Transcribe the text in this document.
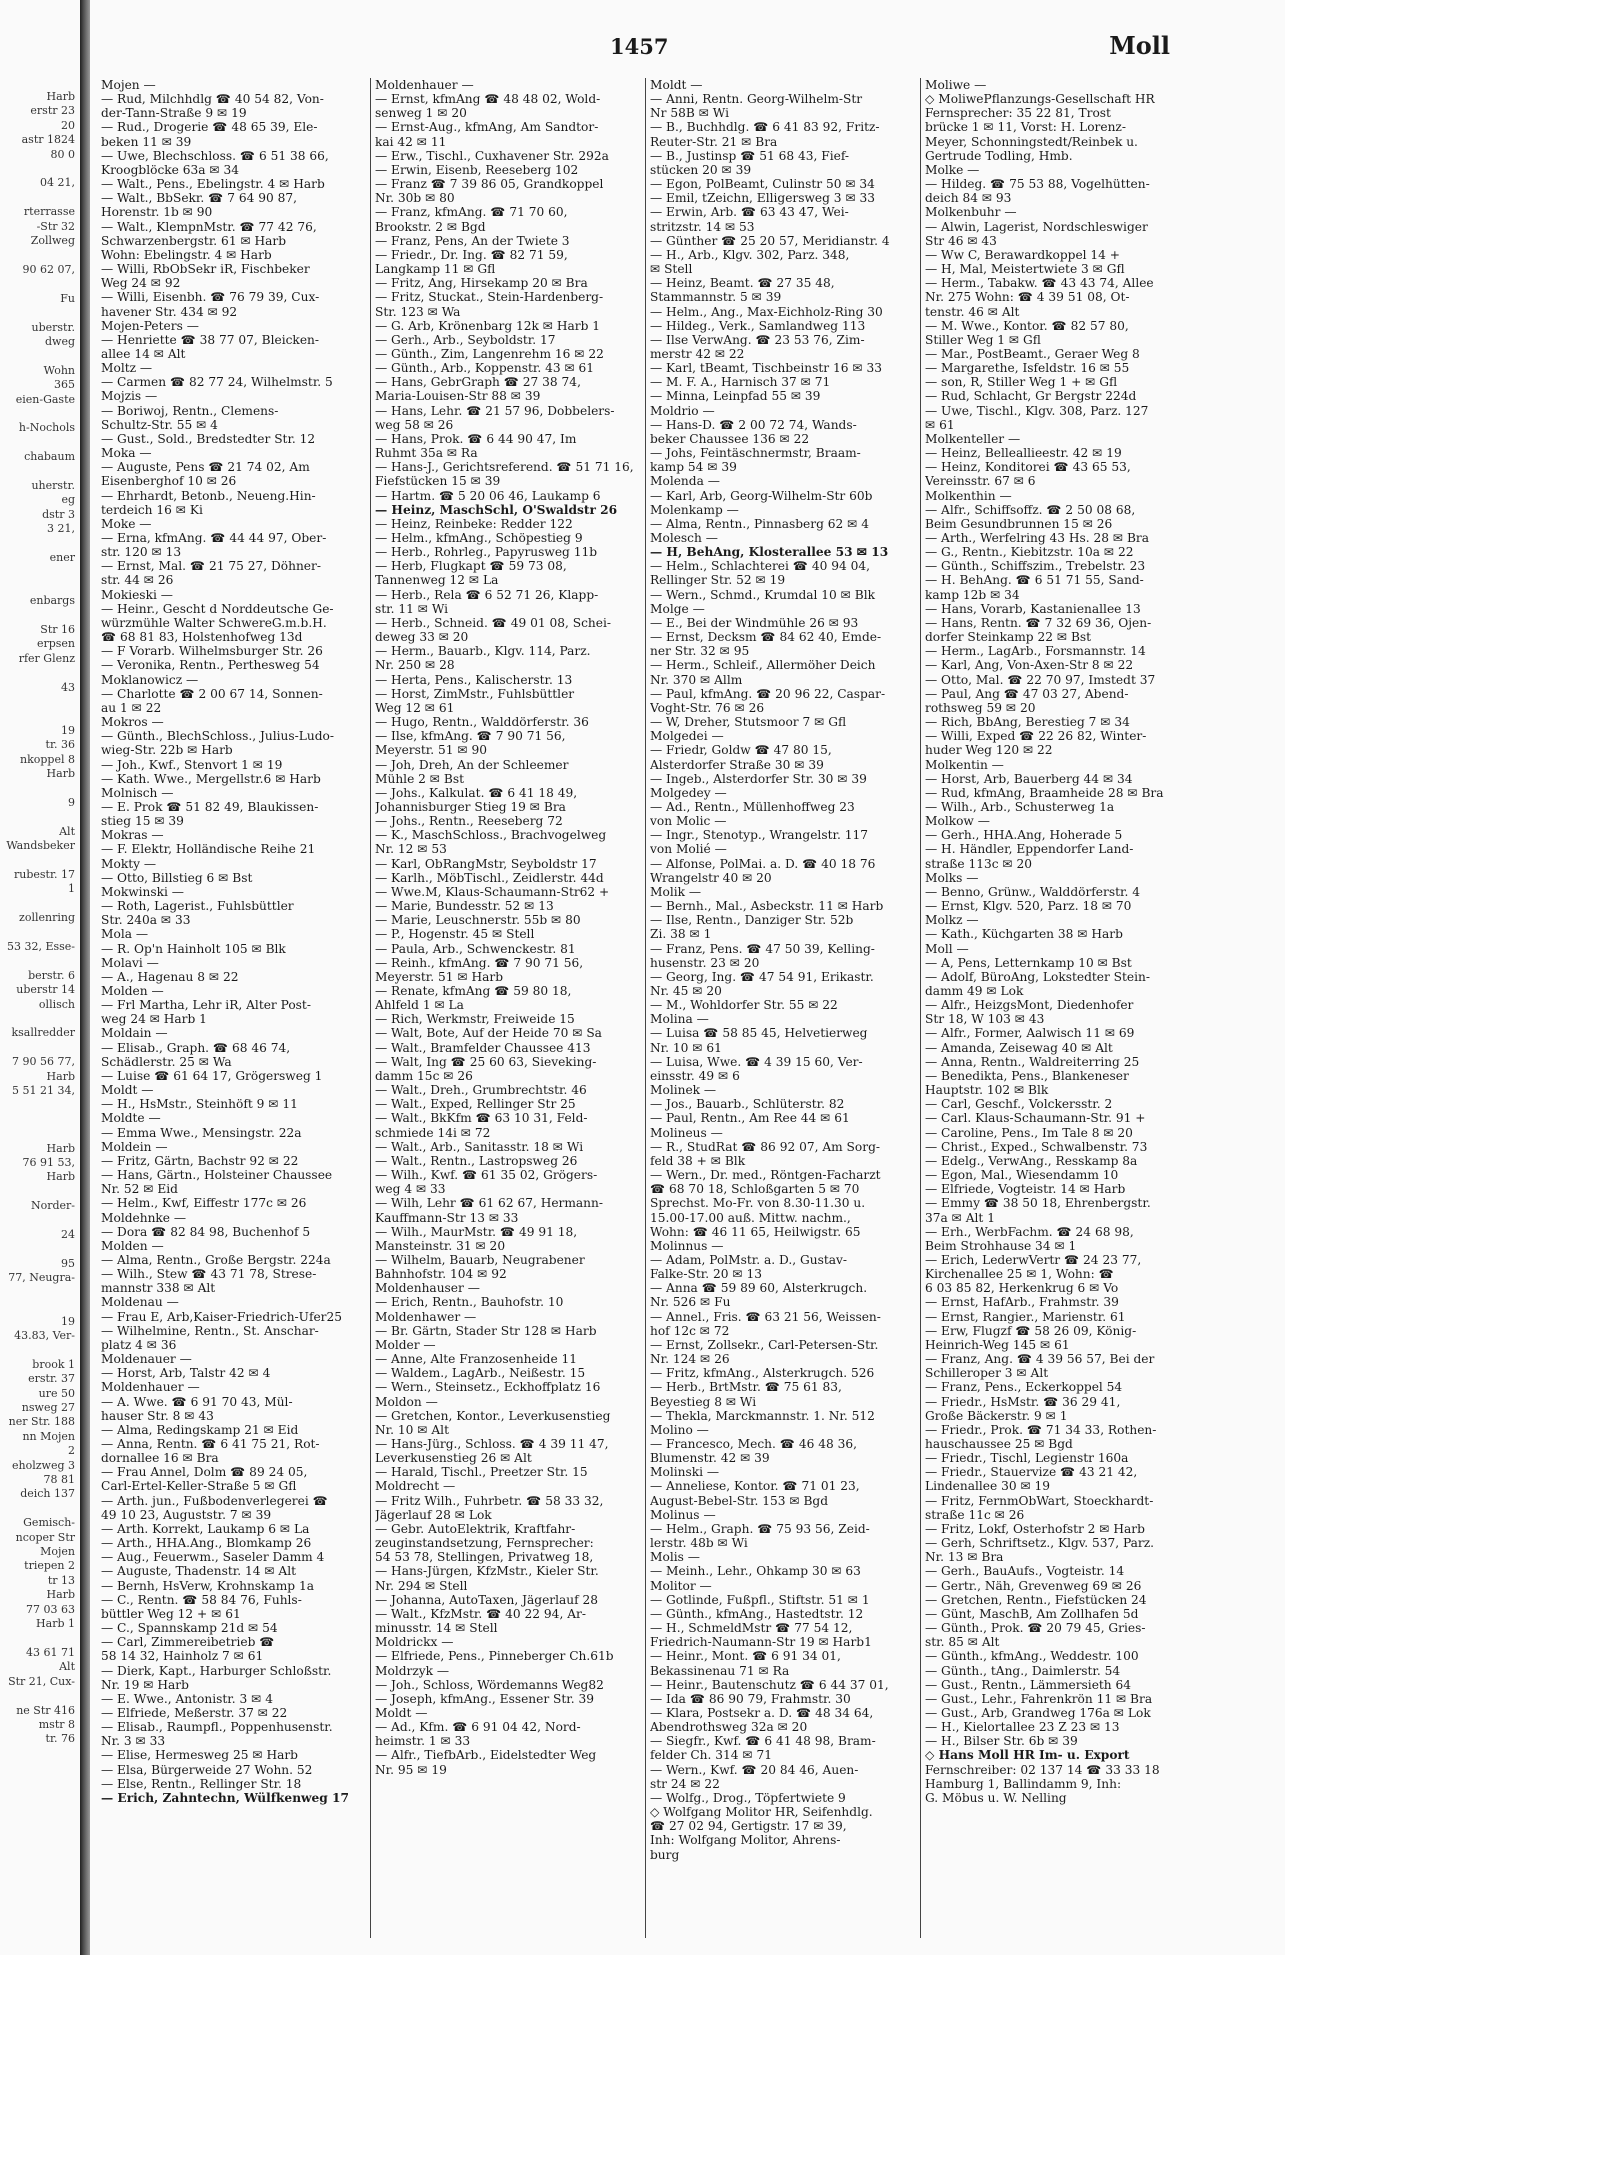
Harb
erstr 23
20
astr 1824
80 0

04 21,

rterrasse
-Str 32
Zollweg

90 62 07,

Fu

uberstr.
dweg

Wohn
365
eien-Gaste

h-Nochols

chabaum

uherstr.
eg
dstr 3
3 21,

ener

enbargs

Str 16
erpsen
rfer Glenz

43

19
tr. 36
nkoppel 8
Harb

9

Alt
Wandsbeker

rubestr. 17
1

zollenring

53 32, Esse-

berstr. 6
uberstr 14
ollisch

ksallredder

7 90 56 77,
Harb
5 51 21 34,

Harb
76 91 53,
Harb

Norder-

24

95
77, Neugra-

19
43.83, Ver-

brook 1
erstr. 37
ure 50
nsweg 27
ner Str. 188
nn Mojen
2
eholzweg 3
78 81
deich 137

Gemisch-
ncoper Str
Mojen
triepen 2
tr 13
Harb
77 03 63
Harb 1

43 61 71
Alt
Str 21, Cux-

ne Str 416
mstr 8
tr. 76
1457	Moll
Mojen —
— Rud, Milchhdlg ☎ 40 54 82, Von-
der-Tann-Straße 9 ✉ 19
— Rud., Drogerie ☎ 48 65 39, Ele-
beken 11 ✉ 39
— Uwe, Blechschloss. ☎ 6 51 38 66,
Kroogblöcke 63a ✉ 34
— Walt., Pens., Ebelingstr. 4 ✉ Harb
— Walt., BbSekr. ☎ 7 64 90 87,
Horenstr. 1b ✉ 90
— Walt., KlempnMstr. ☎ 77 42 76,
Schwarzenbergstr. 61 ✉ Harb
Wohn: Ebelingstr. 4 ✉ Harb
— Willi, RbObSekr iR, Fischbeker
Weg 24 ✉ 92
— Willi, Eisenbh. ☎ 76 79 39, Cux-
havener Str. 434 ✉ 92
Mojen-Peters —
— Henriette ☎ 38 77 07, Bleicken-
allee 14 ✉ Alt
Moltz —
— Carmen ☎ 82 77 24, Wilhelmstr. 5
Mojzis —
— Boriwoj, Rentn., Clemens-
Schultz-Str. 55 ✉ 4
— Gust., Sold., Bredstedter Str. 12
Moka —
— Auguste, Pens ☎ 21 74 02, Am
Eisenberghof 10 ✉ 26
— Ehrhardt, Betonb., Neueng.Hin-
terdeich 16 ✉ Ki
Moke —
— Erna, kfmAng. ☎ 44 44 97, Ober-
str. 120 ✉ 13
— Ernst, Mal. ☎ 21 75 27, Döhner-
str. 44 ✉ 26
Mokieski —
— Heinr., Gescht d Norddeutsche Ge-
würzmühle Walter SchwereG.m.b.H.
☎ 68 81 83, Holstenhofweg 13d
— F Vorarb. Wilhelmsburger Str. 26
— Veronika, Rentn., Perthesweg 54
Moklanowicz —
— Charlotte ☎ 2 00 67 14, Sonnen-
au 1 ✉ 22
Mokros —
— Günth., BlechSchloss., Julius-Ludo-
wieg-Str. 22b ✉ Harb
— Joh., Kwf., Stenvort 1 ✉ 19
— Kath. Wwe., Mergellstr.6 ✉ Harb
Molnisch —
— E. Prok ☎ 51 82 49, Blaukissen-
stieg 15 ✉ 39
Mokras —
— F. Elektr, Holländische Reihe 21
Mokty —
— Otto, Billstieg 6 ✉ Bst
Mokwinski —
— Roth, Lagerist., Fuhlsbüttler
Str. 240a ✉ 33
Mola —
— R. Op'n Hainholt 105 ✉ Blk
Molavi —
— A., Hagenau 8 ✉ 22
Molden —
— Frl Martha, Lehr iR, Alter Post-
weg 24 ✉ Harb 1
Moldain —
— Elisab., Graph. ☎ 68 46 74,
Schädlerstr. 25 ✉ Wa
— Luise ☎ 61 64 17, Grögersweg 1
Moldt —
— H., HsMstr., Steinhöft 9 ✉ 11
Moldte —
— Emma Wwe., Mensingstr. 22a
Moldein —
— Fritz, Gärtn, Bachstr 92 ✉ 22
— Hans, Gärtn., Holsteiner Chaussee
Nr. 52 ✉ Eid
— Helm., Kwf, Eiffestr 177c ✉ 26
Moldehnke —
— Dora ☎ 82 84 98, Buchenhof 5
Molden —
— Alma, Rentn., Große Bergstr. 224a
— Wilh., Stew ☎ 43 71 78, Strese-
mannstr 338 ✉ Alt
Moldenau —
— Frau E, Arb,Kaiser-Friedrich-Ufer25
— Wilhelmine, Rentn., St. Anschar-
platz 4 ✉ 36
Moldenauer —
— Horst, Arb, Talstr 42 ✉ 4
Moldenhauer —
— A. Wwe. ☎ 6 91 70 43, Mül-
hauser Str. 8 ✉ 43
— Alma, Redingskamp 21 ✉ Eid
— Anna, Rentn. ☎ 6 41 75 21, Rot-
dornallee 16 ✉ Bra
— Frau Annel, Dolm ☎ 89 24 05,
Carl-Ertel-Keller-Straße 5 ✉ Gfl
— Arth. jun., Fußbodenverlegerei ☎
49 10 23, Auguststr. 7 ✉ 39
— Arth. Korrekt, Laukamp 6 ✉ La
— Arth., HHA.Ang., Blomkamp 26
— Aug., Feuerwm., Saseler Damm 4
— Auguste, Thadenstr. 14 ✉ Alt
— Bernh, HsVerw, Krohnskamp 1a
— C., Rentn. ☎ 58 84 76, Fuhls-
büttler Weg 12 + ✉ 61
— C., Spannskamp 21d ✉ 54
— Carl, Zimmereibetrieb ☎
58 14 32, Hainholz 7 ✉ 61
— Dierk, Kapt., Harburger Schloßstr.
Nr. 19 ✉ Harb
— E. Wwe., Antonistr. 3 ✉ 4
— Elfriede, Meßerstr. 37 ✉ 22
— Elisab., Raumpfl., Poppenhusenstr.
Nr. 3 ✉ 33
— Elise, Hermesweg 25 ✉ Harb
— Elsa, Bürgerweide 27 Wohn. 52
— Else, Rentn., Rellinger Str. 18
— Erich, Zahntechn, Wülfkenweg 17
Moldenhauer —
— Ernst, kfmAng ☎ 48 48 02, Wold-
senweg 1 ✉ 20
— Ernst-Aug., kfmAng, Am Sandtor-
kai 42 ✉ 11
— Erw., Tischl., Cuxhavener Str. 292a
— Erwin, Eisenb, Reeseberg 102
— Franz ☎ 7 39 86 05, Grandkoppel
Nr. 30b ✉ 80
— Franz, kfmAng. ☎ 71 70 60,
Brookstr. 2 ✉ Bgd
— Franz, Pens, An der Twiete 3
— Friedr., Dr. Ing. ☎ 82 71 59,
Langkamp 11 ✉ Gfl
— Fritz, Ang, Hirsekamp 20 ✉ Bra
— Fritz, Stuckat., Stein-Hardenberg-
Str. 123 ✉ Wa
— G. Arb, Krönenbarg 12k ✉ Harb 1
— Gerh., Arb., Seyboldstr. 17
— Günth., Zim, Langenrehm 16 ✉ 22
— Günth., Arb., Koppenstr. 43 ✉ 61
— Hans, GebrGraph ☎ 27 38 74,
Maria-Louisen-Str 88 ✉ 39
— Hans, Lehr. ☎ 21 57 96, Dobbelers-
weg 58 ✉ 26
— Hans, Prok. ☎ 6 44 90 47, Im
Ruhmt 35a ✉ Ra
— Hans-J., Gerichtsreferend. ☎ 51 71 16,
Fiefstücken 15 ✉ 39
— Hartm. ☎ 5 20 06 46, Laukamp 6
— Heinz, MaschSchl, O'Swaldstr 26
— Heinz, Reinbeke: Redder 122
— Helm., kfmAng., Schöpestieg 9
— Herb., Rohrleg., Papyrusweg 11b
— Herb, Flugkapt ☎ 59 73 08,
Tannenweg 12 ✉ La
— Herb., Rela ☎ 6 52 71 26, Klapp-
str. 11 ✉ Wi
— Herb., Schneid. ☎ 49 01 08, Schei-
deweg 33 ✉ 20
— Herm., Bauarb., Klgv. 114, Parz.
Nr. 250 ✉ 28
— Herta, Pens., Kalischerstr. 13
— Horst, ZimMstr., Fuhlsbüttler
Weg 12 ✉ 61
— Hugo, Rentn., Walddörferstr. 36
— Ilse, kfmAng. ☎ 7 90 71 56,
Meyerstr. 51 ✉ 90
— Joh, Dreh, An der Schleemer
Mühle 2 ✉ Bst
— Johs., Kalkulat. ☎ 6 41 18 49,
Johannisburger Stieg 19 ✉ Bra
— Johs., Rentn., Reeseberg 72
— K., MaschSchloss., Brachvogelweg
Nr. 12 ✉ 53
— Karl, ObRangMstr, Seyboldstr 17
— Karlh., MöbTischl., Zeidlerstr. 44d
— Wwe.M, Klaus-Schaumann-Str62 +
— Marie, Bundesstr. 52 ✉ 13
— Marie, Leuschnerstr. 55b ✉ 80
— P., Hogenstr. 45 ✉ Stell
— Paula, Arb., Schwenckestr. 81
— Reinh., kfmAng. ☎ 7 90 71 56,
Meyerstr. 51 ✉ Harb
— Renate, kfmAng ☎ 59 80 18,
Ahlfeld 1 ✉ La
— Rich, Werkmstr, Freiweide 15
— Walt, Bote, Auf der Heide 70 ✉ Sa
— Walt., Bramfelder Chaussee 413
— Walt, Ing ☎ 25 60 63, Sieveking-
damm 15c ✉ 26
— Walt., Dreh., Grumbrechtstr. 46
— Walt., Exped, Rellinger Str 25
— Walt., BkKfm ☎ 63 10 31, Feld-
schmiede 14i ✉ 72
— Walt., Arb., Sanitasstr. 18 ✉ Wi
— Walt., Rentn., Lastropsweg 26
— Wilh., Kwf. ☎ 61 35 02, Grögers-
weg 4 ✉ 33
— Wilh, Lehr ☎ 61 62 67, Hermann-
Kauffmann-Str 13 ✉ 33
— Wilh., MaurMstr. ☎ 49 91 18,
Mansteinstr. 31 ✉ 20
— Wilhelm, Bauarb, Neugrabener
Bahnhofstr. 104 ✉ 92
Moldenhauser —
— Erich, Rentn., Bauhofstr. 10
Moldenhawer —
— Br. Gärtn, Stader Str 128 ✉ Harb
Molder —
— Anne, Alte Franzosenheide 11
— Waldem., LagArb., Neißestr. 15
— Wern., Steinsetz., Eckhoffplatz 16
Moldon —
— Gretchen, Kontor., Leverkusenstieg
Nr. 10 ✉ Alt
— Hans-Jürg., Schloss. ☎ 4 39 11 47,
Leverkusenstieg 26 ✉ Alt
— Harald, Tischl., Preetzer Str. 15
Moldrecht —
— Fritz Wilh., Fuhrbetr. ☎ 58 33 32,
Jägerlauf 28 ✉ Lok
— Gebr. AutoElektrik, Kraftfahr-
zeuginstandsetzung, Fernsprecher:
54 53 78, Stellingen, Privatweg 18,
— Hans-Jürgen, KfzMstr., Kieler Str.
Nr. 294 ✉ Stell
— Johanna, AutoTaxen, Jägerlauf 28
— Walt., KfzMstr. ☎ 40 22 94, Ar-
minusstr. 14 ✉ Stell
Moldrickx —
— Elfriede, Pens., Pinneberger Ch.61b
Moldrzyk —
— Joh., Schloss, Wördemanns Weg82
— Joseph, kfmAng., Essener Str. 39
Moldt —
— Ad., Kfm. ☎ 6 91 04 42, Nord-
heimstr. 1 ✉ 33
— Alfr., TiefbArb., Eidelstedter Weg
Nr. 95 ✉ 19
Moldt —
— Anni, Rentn. Georg-Wilhelm-Str
Nr 58B ✉ Wi
— B., Buchhdlg. ☎ 6 41 83 92, Fritz-
Reuter-Str. 21 ✉ Bra
— B., Justinsp ☎ 51 68 43, Fief-
stücken 20 ✉ 39
— Egon, PolBeamt, Culinstr 50 ✉ 34
— Emil, tZeichn, Elligersweg 3 ✉ 33
— Erwin, Arb. ☎ 63 43 47, Wei-
stritzstr. 14 ✉ 53
— Günther ☎ 25 20 57, Meridianstr. 4
— H., Arb., Klgv. 302, Parz. 348,
✉ Stell
— Heinz, Beamt. ☎ 27 35 48,
Stammannstr. 5 ✉ 39
— Helm., Ang., Max-Eichholz-Ring 30
— Hildeg., Verk., Samlandweg 113
— Ilse VerwAng. ☎ 23 53 76, Zim-
merstr 42 ✉ 22
— Karl, tBeamt, Tischbeinstr 16 ✉ 33
— M. F. A., Harnisch 37 ✉ 71
— Minna, Leinpfad 55 ✉ 39
Moldrio —
— Hans-D. ☎ 2 00 72 74, Wands-
beker Chaussee 136 ✉ 22
— Johs, Feintäschnermstr, Braam-
kamp 54 ✉ 39
Molenda —
— Karl, Arb, Georg-Wilhelm-Str 60b
Molenkamp —
— Alma, Rentn., Pinnasberg 62 ✉ 4
Molesch —
— H, BehAng, Klosterallee 53 ✉ 13
— Helm., Schlachterei ☎ 40 94 04,
Rellinger Str. 52 ✉ 19
— Wern., Schmd., Krumdal 10 ✉ Blk
Molge —
— E., Bei der Windmühle 26 ✉ 93
— Ernst, Decksm ☎ 84 62 40, Emde-
ner Str. 32 ✉ 95
— Herm., Schleif., Allermöher Deich
Nr. 370 ✉ Allm
— Paul, kfmAng. ☎ 20 96 22, Caspar-
Voght-Str. 76 ✉ 26
— W, Dreher, Stutsmoor 7 ✉ Gfl
Molgedei —
— Friedr, Goldw ☎ 47 80 15,
Alsterdorfer Straße 30 ✉ 39
— Ingeb., Alsterdorfer Str. 30 ✉ 39
Molgedey —
— Ad., Rentn., Müllenhoffweg 23
von Molic —
— Ingr., Stenotyp., Wrangelstr. 117
von Molié —
— Alfonse, PolMai. a. D. ☎ 40 18 76
Wrangelstr 40 ✉ 20
Molik —
— Bernh., Mal., Asbeckstr. 11 ✉ Harb
— Ilse, Rentn., Danziger Str. 52b
Zi. 38 ✉ 1
— Franz, Pens. ☎ 47 50 39, Kelling-
husenstr. 23 ✉ 20
— Georg, Ing. ☎ 47 54 91, Erikastr.
Nr. 45 ✉ 20
— M., Wohldorfer Str. 55 ✉ 22
Molina —
— Luisa ☎ 58 85 45, Helvetierweg
Nr. 10 ✉ 61
— Luisa, Wwe. ☎ 4 39 15 60, Ver-
einsstr. 49 ✉ 6
Molinek —
— Jos., Bauarb., Schlüterstr. 82
— Paul, Rentn., Am Ree 44 ✉ 61
Molineus —
— R., StudRat ☎ 86 92 07, Am Sorg-
feld 38 + ✉ Blk
— Wern., Dr. med., Röntgen-Facharzt
☎ 68 70 18, Schloßgarten 5 ✉ 70
Sprechst. Mo-Fr. von 8.30-11.30 u.
15.00-17.00 auß. Mittw. nachm.,
Wohn: ☎ 46 11 65, Heilwigstr. 65
Molinnus —
— Adam, PolMstr. a. D., Gustav-
Falke-Str. 20 ✉ 13
— Anna ☎ 59 89 60, Alsterkrugch.
Nr. 526 ✉ Fu
— Annel., Fris. ☎ 63 21 56, Weissen-
hof 12c ✉ 72
— Ernst, Zollsekr., Carl-Petersen-Str.
Nr. 124 ✉ 26
— Fritz, kfmAng., Alsterkrugch. 526
— Herb., BrtMstr. ☎ 75 61 83,
Beyestieg 8 ✉ Wi
— Thekla, Marckmannstr. 1. Nr. 512
Molino —
— Francesco, Mech. ☎ 46 48 36,
Blumenstr. 42 ✉ 39
Molinski —
— Anneliese, Kontor. ☎ 71 01 23,
August-Bebel-Str. 153 ✉ Bgd
Molinus —
— Helm., Graph. ☎ 75 93 56, Zeid-
lerstr. 48b ✉ Wi
Molis —
— Meinh., Lehr., Ohkamp 30 ✉ 63
Molitor —
— Gotlinde, Fußpfl., Stiftstr. 51 ✉ 1
— Günth., kfmAng., Hastedtstr. 12
— H., SchmeldMstr ☎ 77 54 12,
Friedrich-Naumann-Str 19 ✉ Harb1
— Heinr., Mont. ☎ 6 91 34 01,
Bekassinenau 71 ✉ Ra
— Heinr., Bautenschutz ☎ 6 44 37 01,
— Ida ☎ 86 90 79, Frahmstr. 30
— Klara, Postsekr a. D. ☎ 48 34 64,
Abendrothsweg 32a ✉ 20
— Siegfr., Kwf. ☎ 6 41 48 98, Bram-
felder Ch. 314 ✉ 71
— Wern., Kwf. ☎ 20 84 46, Auen-
str 24 ✉ 22
— Wolfg., Drog., Töpfertwiete 9
◇ Wolfgang Molitor HR, Seifenhdlg.
☎ 27 02 94, Gertigstr. 17 ✉ 39,
Inh: Wolfgang Molitor, Ahrens-
burg
Moliwe —
◇ MoliwePflanzungs-Gesellschaft HR
Fernsprecher: 35 22 81, Trost
brücke 1 ✉ 11, Vorst: H. Lorenz-
Meyer, Schonningstedt/Reinbek u.
Gertrude Todling, Hmb.
Molke —
— Hildeg. ☎ 75 53 88, Vogelhütten-
deich 84 ✉ 93
Molkenbuhr —
— Alwin, Lagerist, Nordschleswiger
Str 46 ✉ 43
— Ww C, Berawardkoppel 14 +
— H, Mal, Meistertwiete 3 ✉ Gfl
— Herm., Tabakw. ☎ 43 43 74, Allee
Nr. 275 Wohn: ☎ 4 39 51 08, Ot-
tenstr. 46 ✉ Alt
— M. Wwe., Kontor. ☎ 82 57 80,
Stiller Weg 1 ✉ Gfl
— Mar., PostBeamt., Geraer Weg 8
— Margarethe, Isfeldstr. 16 ✉ 55
— son, R, Stiller Weg 1 + ✉ Gfl
— Rud, Schlacht, Gr Bergstr 224d
— Uwe, Tischl., Klgv. 308, Parz. 127
✉ 61
Molkenteller —
— Heinz, Belleallieestr. 42 ✉ 19
— Heinz, Konditorei ☎ 43 65 53,
Vereinsstr. 67 ✉ 6
Molkenthin —
— Alfr., Schiffsoffz. ☎ 2 50 08 68,
Beim Gesundbrunnen 15 ✉ 26
— Arth., Werfelring 43 Hs. 28 ✉ Bra
— G., Rentn., Kiebitzstr. 10a ✉ 22
— Günth., Schiffszim., Trebelstr. 23
— H. BehAng. ☎ 6 51 71 55, Sand-
kamp 12b ✉ 34
— Hans, Vorarb, Kastanienallee 13
— Hans, Rentn. ☎ 7 32 69 36, Ojen-
dorfer Steinkamp 22 ✉ Bst
— Herm., LagArb., Forsmannstr. 14
— Karl, Ang, Von-Axen-Str 8 ✉ 22
— Otto, Mal. ☎ 22 70 97, Imstedt 37
— Paul, Ang ☎ 47 03 27, Abend-
rothsweg 59 ✉ 20
— Rich, BbAng, Berestieg 7 ✉ 34
— Willi, Exped ☎ 22 26 82, Winter-
huder Weg 120 ✉ 22
Molkentin —
— Horst, Arb, Bauerberg 44 ✉ 34
— Rud, kfmAng, Braamheide 28 ✉ Bra
— Wilh., Arb., Schusterweg 1a
Molkow —
— Gerh., HHA.Ang, Hoherade 5
— H. Händler, Eppendorfer Land-
straße 113c ✉ 20
Molks —
— Benno, Grünw., Walddörferstr. 4
— Ernst, Klgv. 520, Parz. 18 ✉ 70
Molkz —
— Kath., Küchgarten 38 ✉ Harb
Moll —
— A, Pens, Letternkamp 10 ✉ Bst
— Adolf, BüroAng, Lokstedter Stein-
damm 49 ✉ Lok
— Alfr., HeizgsMont, Diedenhofer
Str 18, W 103 ✉ 43
— Alfr., Former, Aalwisch 11 ✉ 69
— Amanda, Zeisewag 40 ✉ Alt
— Anna, Rentn., Waldreiterring 25
— Benedikta, Pens., Blankeneser
Hauptstr. 102 ✉ Blk
— Carl, Geschf., Volckersstr. 2
— Carl. Klaus-Schaumann-Str. 91 +
— Caroline, Pens., Im Tale 8 ✉ 20
— Christ., Exped., Schwalbenstr. 73
— Edelg., VerwAng., Resskamp 8a
— Egon, Mal., Wiesendamm 10
— Elfriede, Vogteistr. 14 ✉ Harb
— Emmy ☎ 38 50 18, Ehrenbergstr.
37a ✉ Alt 1
— Erh., WerbFachm. ☎ 24 68 98,
Beim Strohhause 34 ✉ 1
— Erich, LederwVertr ☎ 24 23 77,
Kirchenallee 25 ✉ 1, Wohn: ☎
6 03 85 82, Herkenkrug 6 ✉ Vo
— Ernst, HafArb., Frahmstr. 39
— Ernst, Rangier., Marienstr. 61
— Erw, Flugzf ☎ 58 26 09, König-
Heinrich-Weg 145 ✉ 61
— Franz, Ang. ☎ 4 39 56 57, Bei der
Schilleroper 3 ✉ Alt
— Franz, Pens., Eckerkoppel 54
— Friedr., HsMstr. ☎ 36 29 41,
Große Bäckerstr. 9 ✉ 1
— Friedr., Prok. ☎ 71 34 33, Rothen-
hauschaussee 25 ✉ Bgd
— Friedr., Tischl, Legienstr 160a
— Friedr., Stauervize ☎ 43 21 42,
Lindenallee 30 ✉ 19
— Fritz, FernmObWart, Stoeckhardt-
straße 11c ✉ 26
— Fritz, Lokf, Osterhofstr 2 ✉ Harb
— Gerh, Schriftsetz., Klgv. 537, Parz.
Nr. 13 ✉ Bra
— Gerh., BauAufs., Vogteistr. 14
— Gertr., Näh, Grevenweg 69 ✉ 26
— Gretchen, Rentn., Fiefstücken 24
— Günt, MaschB, Am Zollhafen 5d
— Günth., Prok. ☎ 20 79 45, Gries-
str. 85 ✉ Alt
— Günth., kfmAng., Weddestr. 100
— Günth., tAng., Daimlerstr. 54
— Gust., Rentn., Lämmersieth 64
— Gust., Lehr., Fahrenkrön 11 ✉ Bra
— Gust., Arb, Grandweg 176a ✉ Lok
— H., Kielortallee 23 Z 23 ✉ 13
— H., Bilser Str. 6b ✉ 39
◇ Hans Moll HR Im- u. Export
Fernschreiber: 02 137 14 ☎ 33 33 18
Hamburg 1, Ballindamm 9, Inh:
G. Möbus u. W. Nelling
